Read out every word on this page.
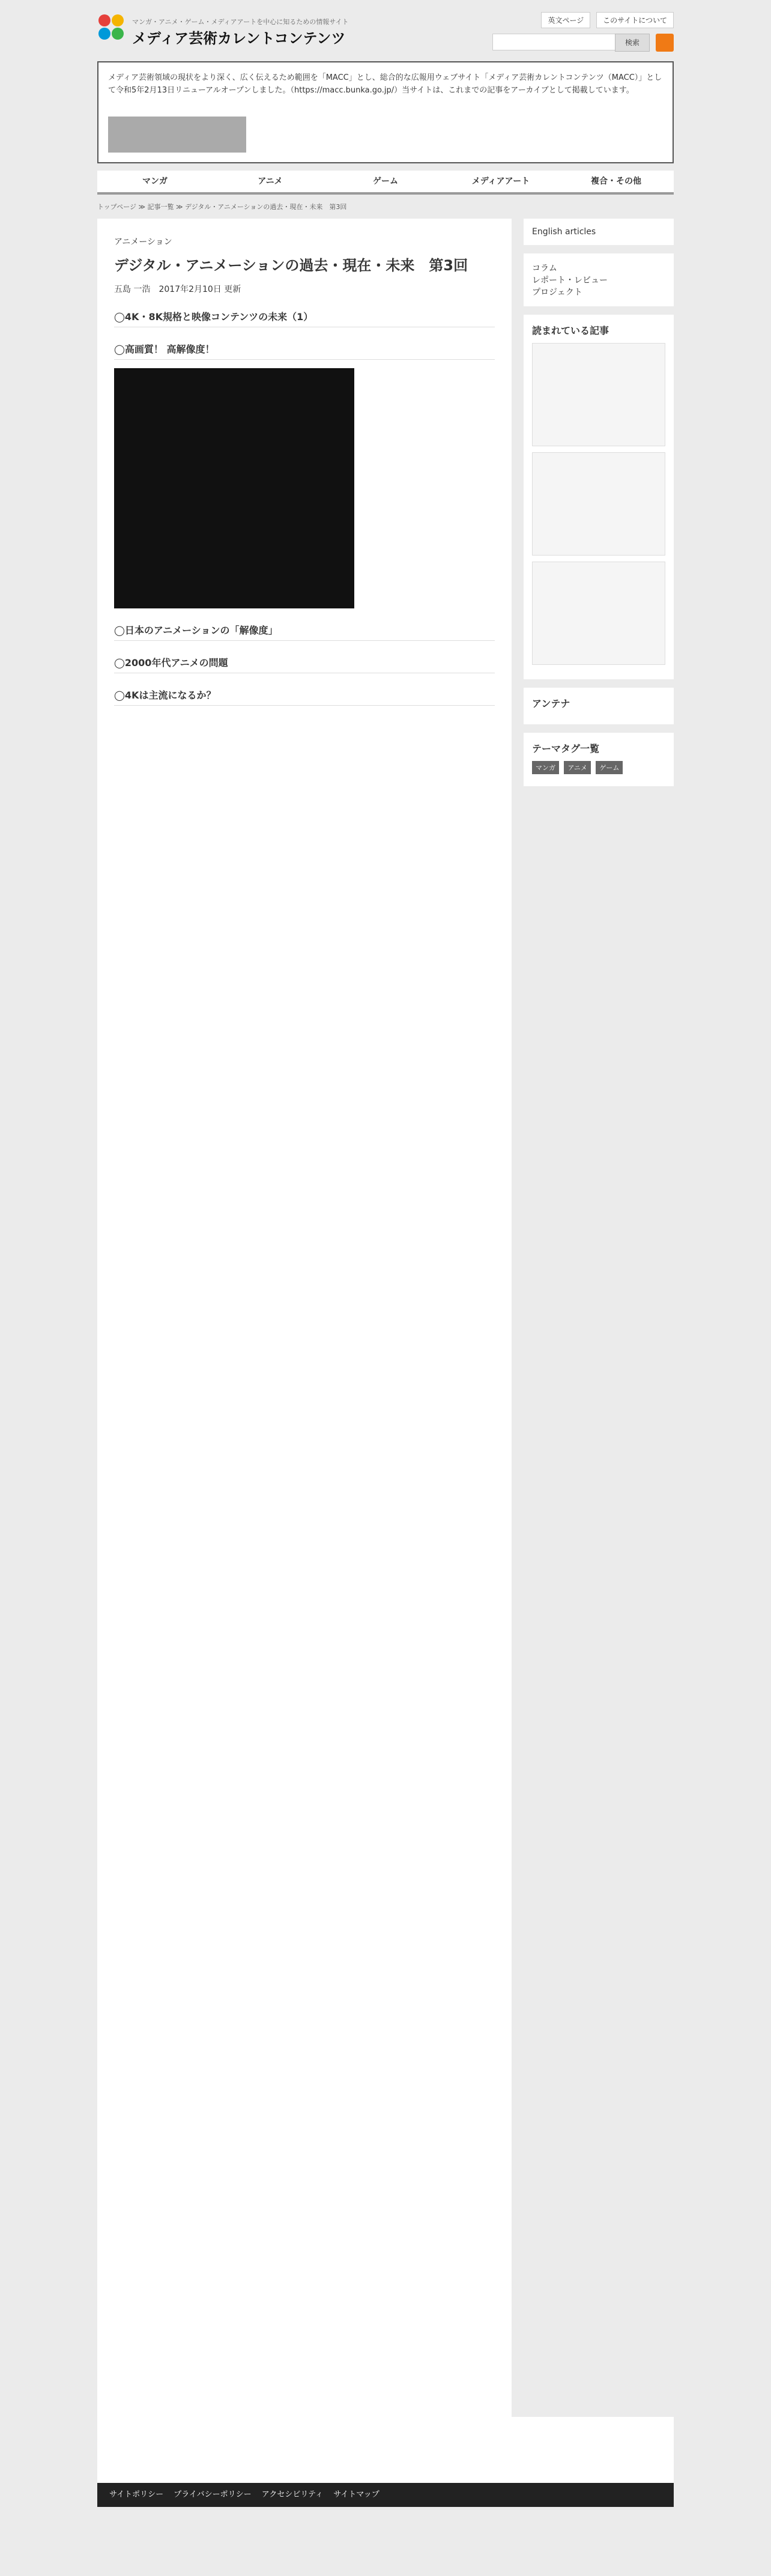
マンガ・アニメ・ゲーム・メディアアートを中心に知るための情報サイト
メディア芸術カレントコンテンツ
英文ページ	このサイトについて
検索
メディア芸術領域の現状をより深く、広く伝えるため範囲を「MACC」とし、総合的な広報用ウェブサイト「メディア芸術カレントコンテンツ（MACC）」として令和5年2月13日リニューアルオープンしました。（https://macc.bunka.go.jp/）当サイトは、これまでの記事をアーカイブとして掲載しています。
マンガ	アニメ	ゲーム	メディアアート	複合・その他
トップページ ≫ 記事一覧 ≫ デジタル・アニメーションの過去・現在・未来　第3回
アニメーション
デジタル・アニメーションの過去・現在・未来　第3回
五島 一浩　 2017年2月10日 更新
◯4K・8K規格と映像コンテンツの未来（1）
◯高画質！ 高解像度！
◯日本のアニメーションの「解像度」
◯2000年代アニメの問題
◯4Kは主流になるか？
English articles
コラム
レポート・レビュー
プロジェクト
読まれている記事
アンテナ
テーマタグ一覧
マンガ アニメ ゲーム
サイトポリシー　 プライバシーポリシー　 アクセシビリティ　 サイトマップ
